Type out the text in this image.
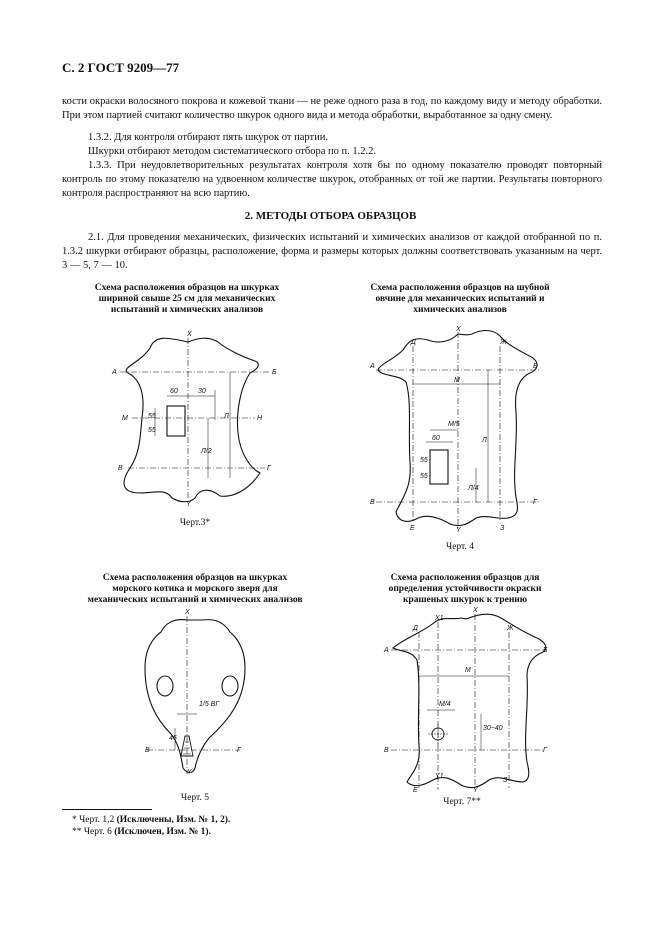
С. 2 ГОСТ 9209—77
кости окраски волосяного покрова и кожевой ткани — не реже одного раза в год, по каждому виду и методу обработки. При этом партией считают количество шкурок одного вида и метода обработки, выработанное за одну смену.
1.3.2. Для контроля отбирают пять шкурок от партии.
Шкурки отбирают методом систематического отбора по п. 1.2.2.
1.3.3. При неудовлетворительных результатах контроля хотя бы по одному показателю проводят повторный контроль по этому показателю на удвоенном количестве шкурок, отобранных от той же партии. Результаты повторного контроля распространяют на всю партию.
2. МЕТОДЫ ОТБОРА ОБРАЗЦОВ
2.1. Для проведения механических, физических испытаний и химических анализов от каждой отобранной по п. 1.3.2 шкурки отбирают образцы, расположение, форма и размеры которых должны соответствовать указанным на черт. 3 — 5, 7 — 10.
Схема расположения образцов на шкурках шириной свыше 25 см для механических испытаний и химических анализов
X
Y
А	Б
В	Г
М	Н
60	30
55
55
Л
Л/2
Черт.3*
Схема расположения образцов на шубной овчине для механических испытаний и химических анализов
X
Y
А	Б
В	Г
Д	Ж
Е	З
М
М/5
60
55
55
Л
Л/4
Черт. 4
Схема расположения образцов на шкурках морского котика и морского зверя для механических испытаний и химических анализов
X
Y
В	Г
1/5 ВГ
45
Черт. 5
Схема расположения образцов для определения устойчивости окраски крашеных шкурок к трению
X
X1
Y
Y1
А	Б
В	Г
Д	Ж
Е
З
М
М/4
30−40
Черт. 7**
* Черт. 1,2 (Исключены, Изм. № 1, 2).
** Черт. 6 (Исключен, Изм. № 1).
